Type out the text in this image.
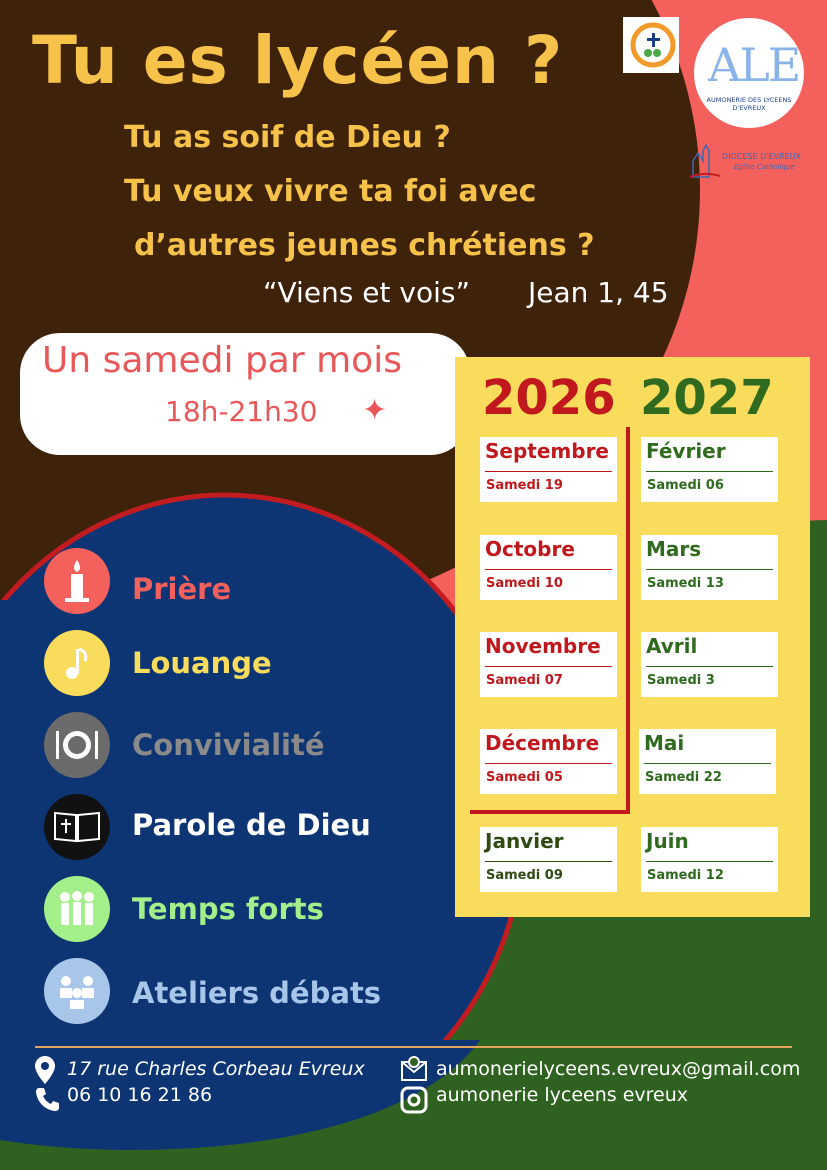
ALE
AUMONERIE DES LYCEENS D'EVREUX
DIOCESE D'EVREUX
Eglise Catholique
Tu es lycéen ?
Tu as soif de Dieu ?
Tu veux vivre ta foi avec
d’autres jeunes chrétiens ?
“Viens et vois” Jean 1, 45
Un samedi par mois
18h-21h30 ✦ 2026 2027
Septembre
Samedi 19
Octobre
Samedi 10
Novembre
Samedi 07
Décembre
Samedi 05
Janvier
Samedi 09
Février
Samedi 06
Mars
Samedi 13
Avril
Samedi 3
Mai
Samedi 22
Juin
Samedi 12
Prière
Louange
Convivialité
Parole de Dieu
Temps forts
Ateliers débats
17 rue Charles Corbeau Evreux
06 10 16 21 86
aumonerielyceens.evreux@gmail.com
aumonerie lyceens evreux
